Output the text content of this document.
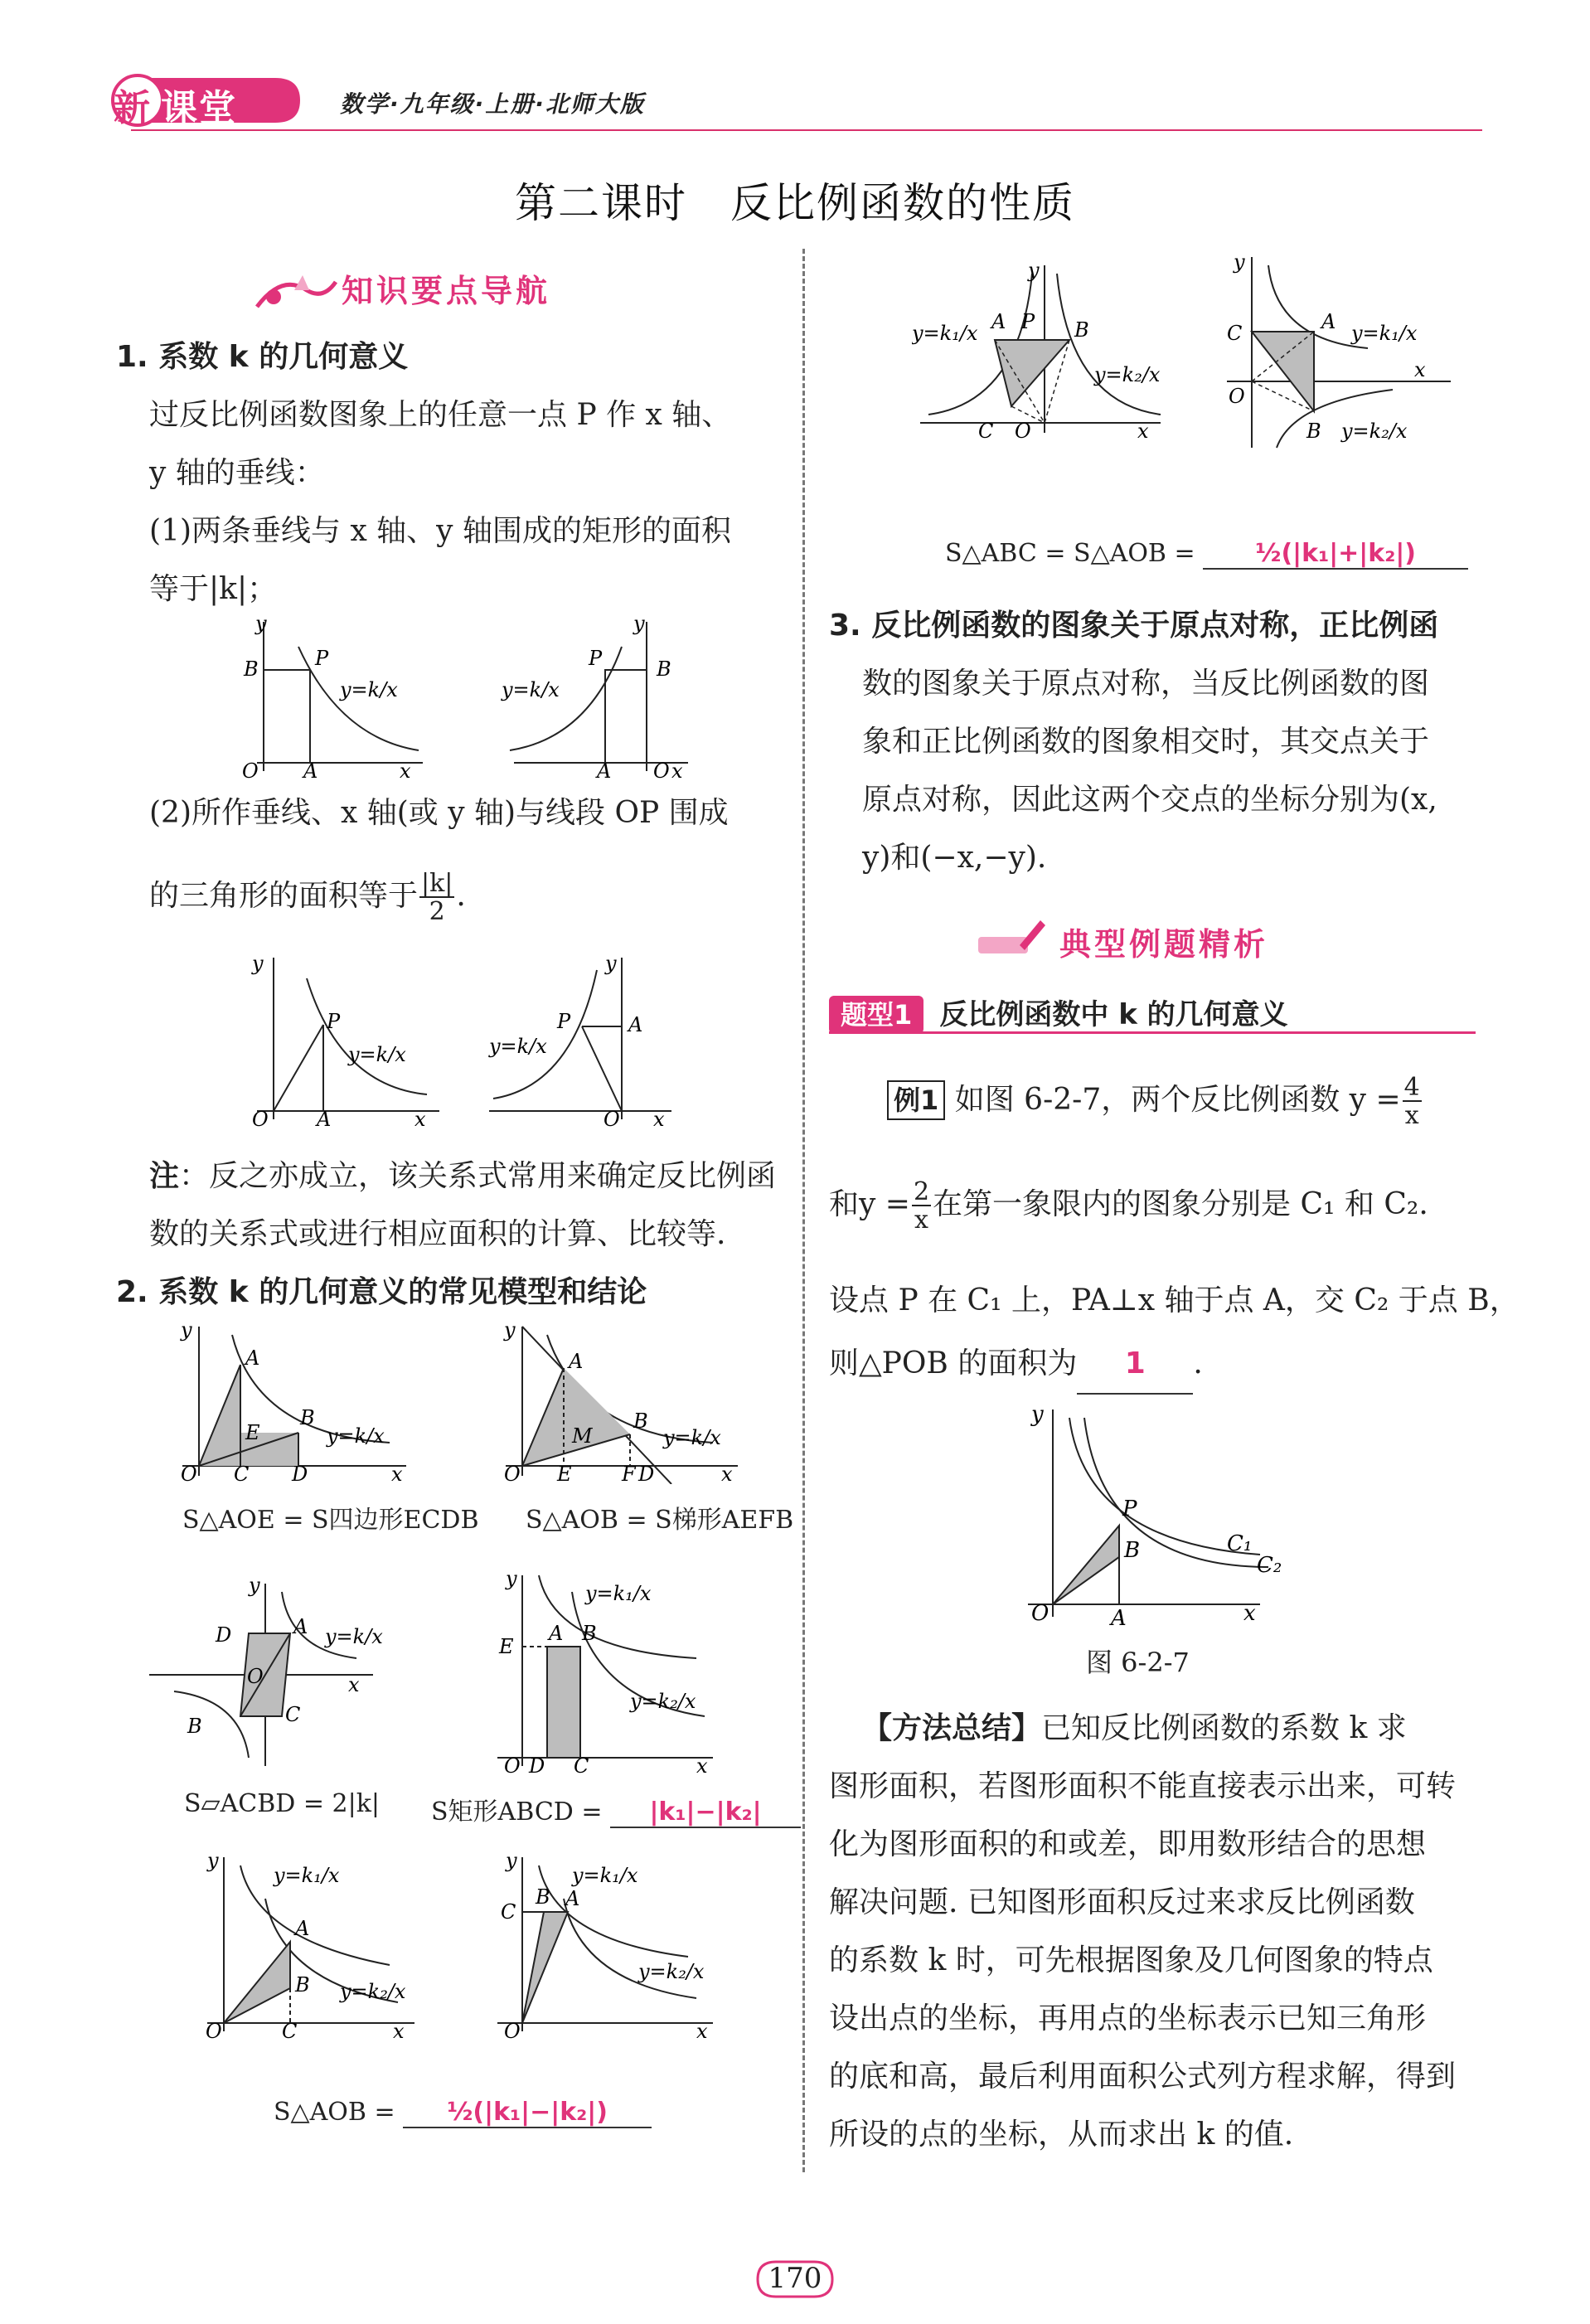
新 课堂	数学·九年级·上册·北师大版
第二课时　反比例函数的性质
知识要点导航
1. 系数 k 的几何意义
过反比例函数图象上的任意一点 P 作 x 轴、
y 轴的垂线：
(1)两条垂线与 x 轴、y 轴围成的矩形的面积
等于|k|；
B	P
y=k/x
O A	x
y
B
P
y=k/x
O
A	x
y
(2)所作垂线、x 轴(或 y 轴)与线段 OP 围成
的三角形的面积等于 $\frac{|k|}{2}$ .
P
y=k/x
O A	x
y
P	A
y=k/x
O x
y
注：反之亦成立，该关系式常用来确定反比例函
数的关系式或进行相应面积的计算、比较等.
2. 系数 k 的几何意义的常见模型和结论
A
E
B
y=k/x
O C D	x
y
A
M
B
y=k/x
O E	F D	x
y
S△AOE = S四边形ECDB S△AOB = S梯形AEFB
D	A y=k/x
O
C
B
x
y
E
A B
y=k₁/x
y=k₂/x
O D C	x
y
S▱ACBD = 2|k| S矩形ABCD = |k₁|−|k₂|
A
B
y=k₁/x
y=k₂/x
O	C	x
y
C
B A
y=k₁/x
y=k₂/x
O	x
y
S△AOB = ½(|k₁|−|k₂|)
y=k₁/x A P B
y=k₂/x
C O	x
y
C	A y=k₁/x
x
O
B y=k₂/x
y
S△ABC = S△AOB = ½(|k₁|+|k₂|)
3. 反比例函数的图象关于原点对称，正比例函
数的图象关于原点对称，当反比例函数的图
象和正比例函数的图象相交时，其交点关于
原点对称，因此这两个交点的坐标分别为(x,
y)和(−x,−y).
典型例题精析
题型1 反比例函数中 k 的几何意义
例1 如图 6-2-7，两个反比例函数 $y = \frac{4}{x}$
和$y = \frac{2}{x}$ 在第一象限内的图象分别是 C₁ 和 C₂.
设点 P 在 C₁ 上，PA⊥x 轴于点 A，交 C₂ 于点 B，
则△POB 的面积为 1 .
P
B	C₁
C₂
O	A	x
y
图 6-2-7
【方法总结】已知反比例函数的系数 k 求
图形面积，若图形面积不能直接表示出来，可转
化为图形面积的和或差，即用数形结合的思想
解决问题. 已知图形面积反过来求反比例函数
的系数 k 时，可先根据图象及几何图象的特点
设出点的坐标，再用点的坐标表示已知三角形
的底和高，最后利用面积公式列方程求解，得到
所设的点的坐标，从而求出 k 的值.
170
